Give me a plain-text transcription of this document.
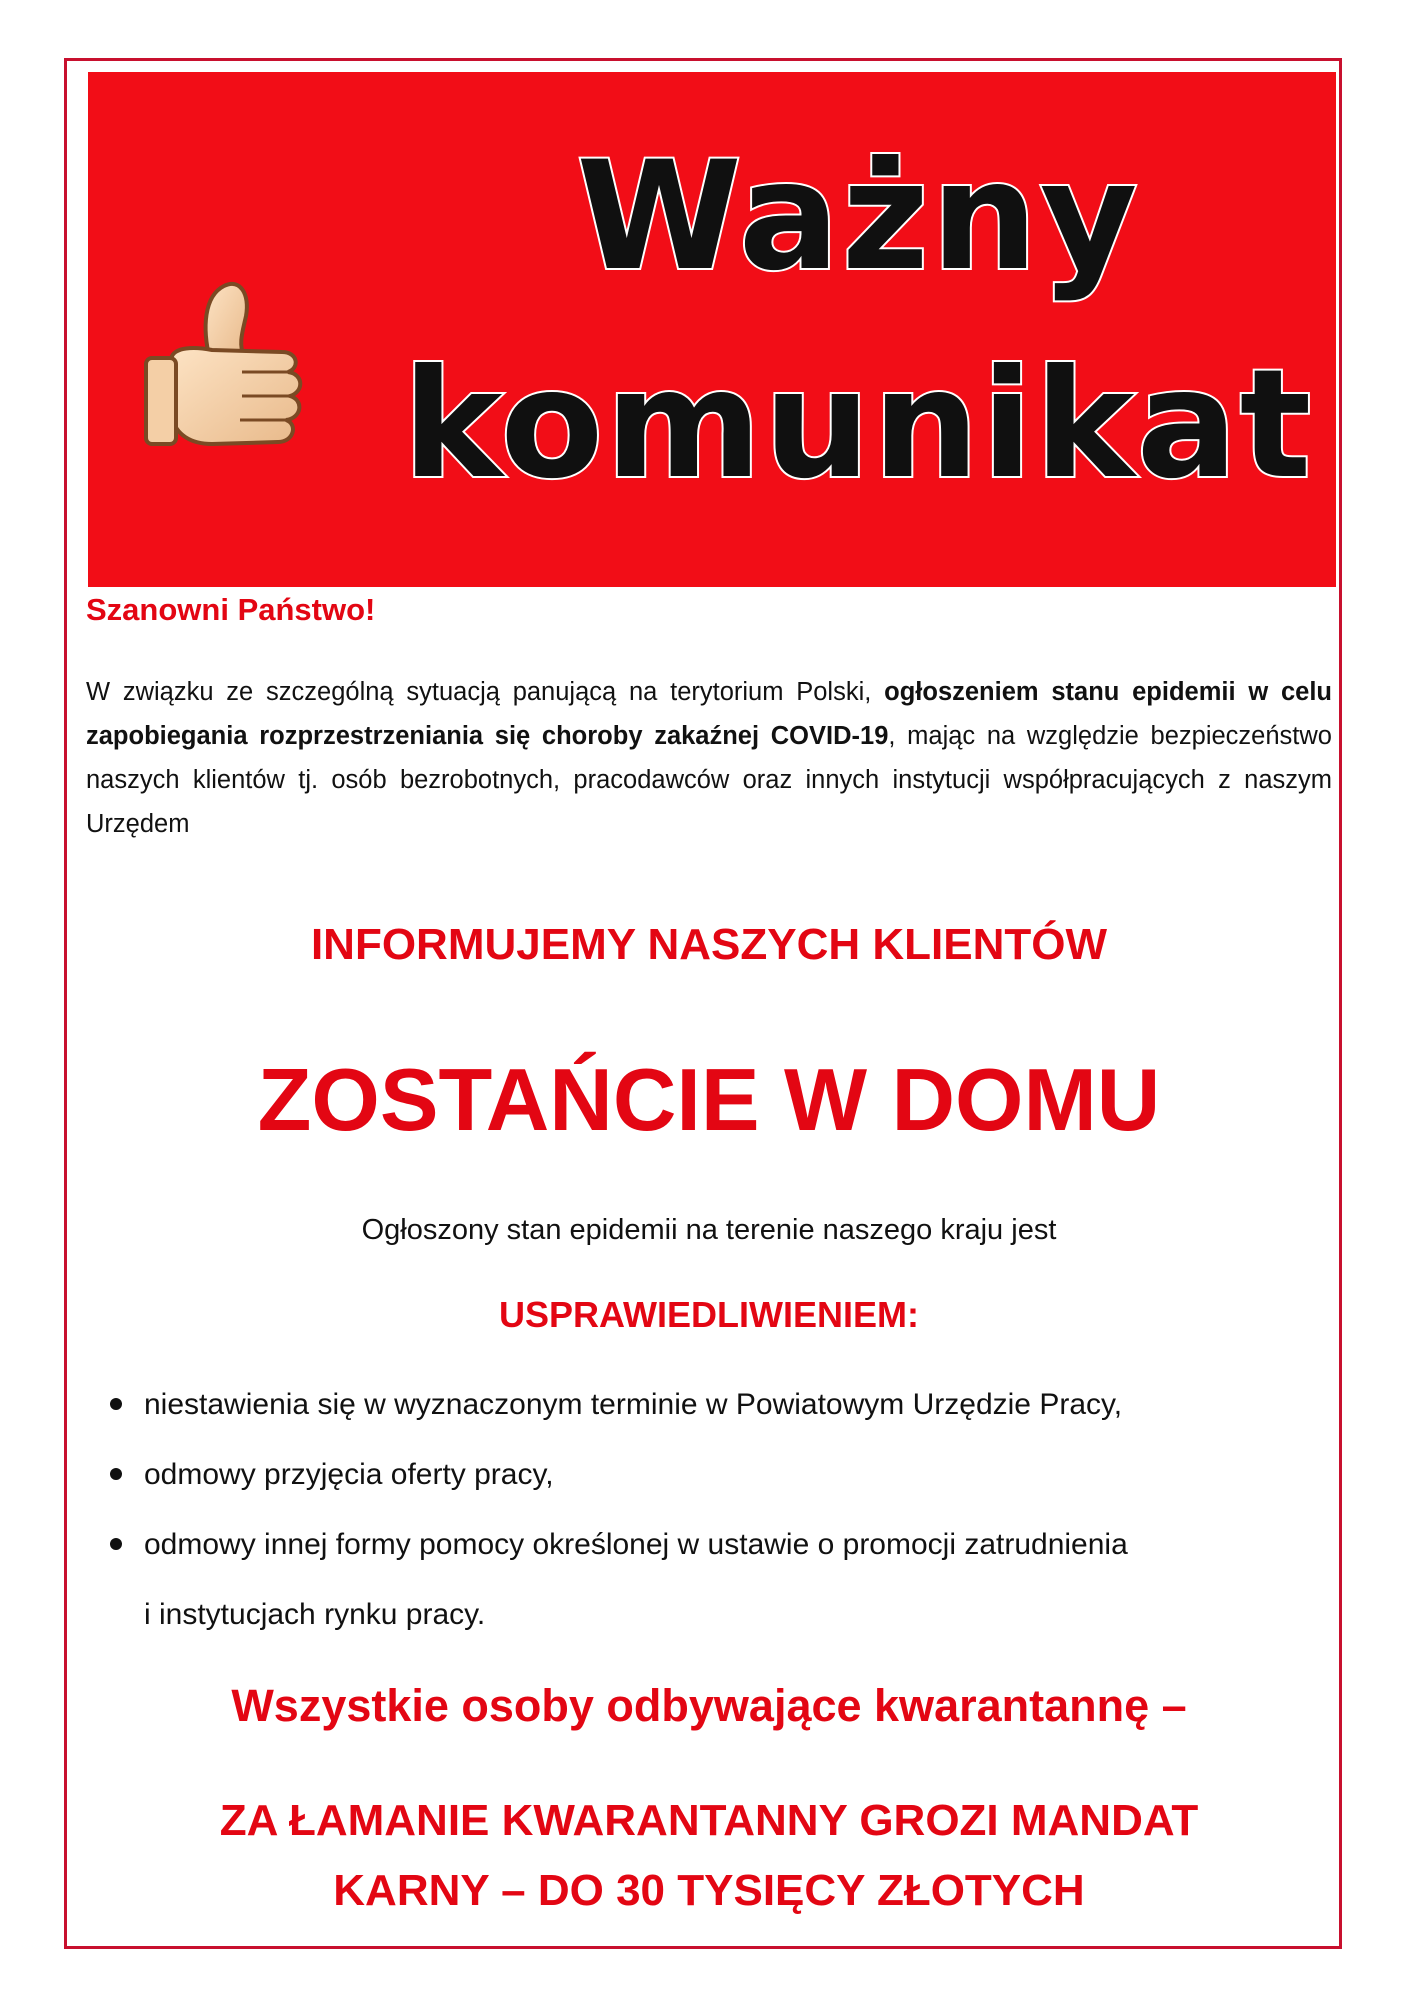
Ważny

komunikat

Szanowni Państwo!

W związku ze szczególną sytuacją panującą na terytorium Polski, ogłoszeniem stanu epidemii w celu zapobiegania rozprzestrzeniania się choroby zakaźnej COVID-19, mając na względzie bezpieczeństwo naszych klientów tj. osób bezrobotnych, pracodawców oraz innych instytucji współpracujących z naszym Urzędem

INFORMUJEMY NASZYCH KLIENTÓW

ZOSTAŃCIE W DOMU

Ogłoszony stan epidemii na terenie naszego kraju jest

USPRAWIEDLIWIENIEM:

niestawienia się w wyznaczonym terminie w Powiatowym Urzędzie Pracy,
odmowy przyjęcia oferty pracy,
odmowy innej formy pomocy określonej w ustawie o promocji zatrudnienia
i instytucjach rynku pracy.

Wszystkie osoby odbywające kwarantannę –

ZA ŁAMANIE KWARANTANNY GROZI MANDAT
KARNY – DO 30 TYSIĘCY ZŁOTYCH
